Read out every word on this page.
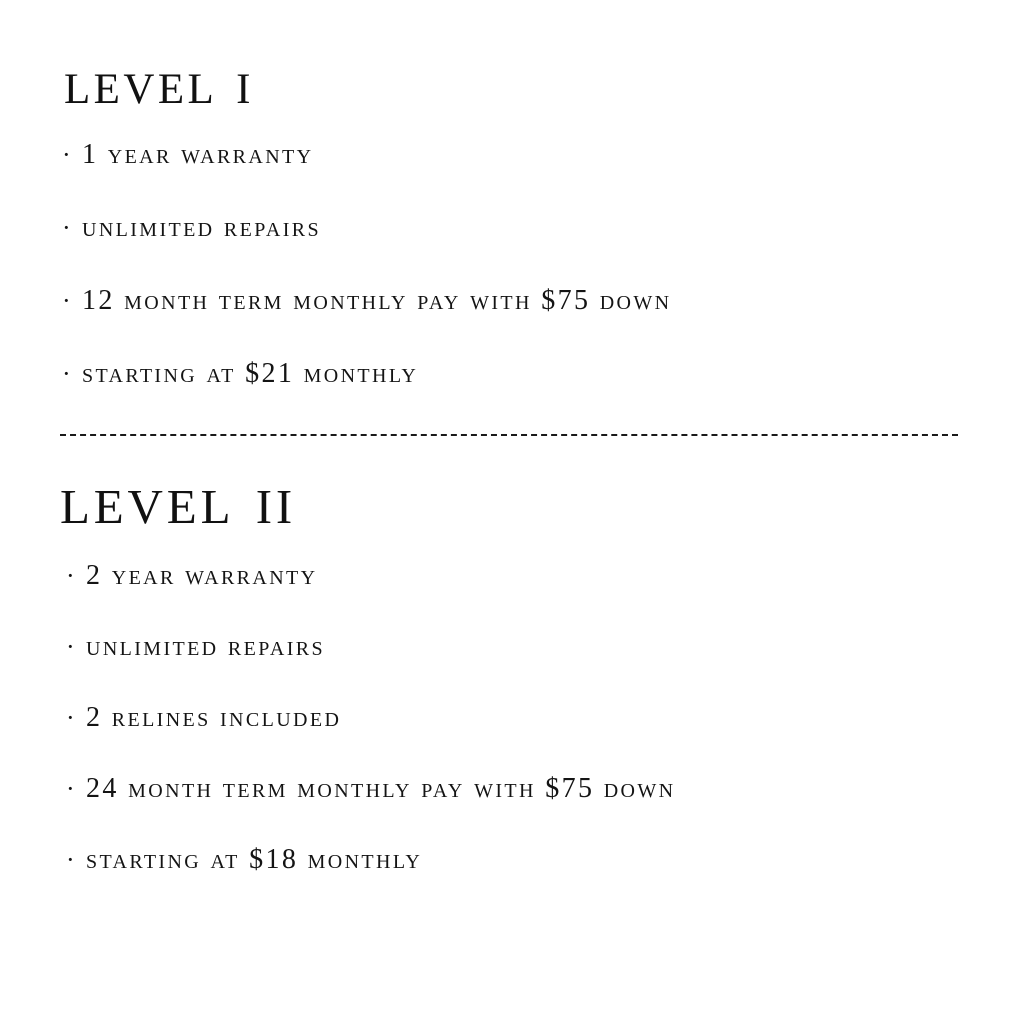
level i
· 1 year warranty
· unlimited repairs
· 12 month term monthly pay with $75 down
· starting at $21 monthly
level ii
· 2 year warranty
· unlimited repairs
· 2 relines included
· 24 month term monthly pay with $75 down
· starting at $18 monthly
